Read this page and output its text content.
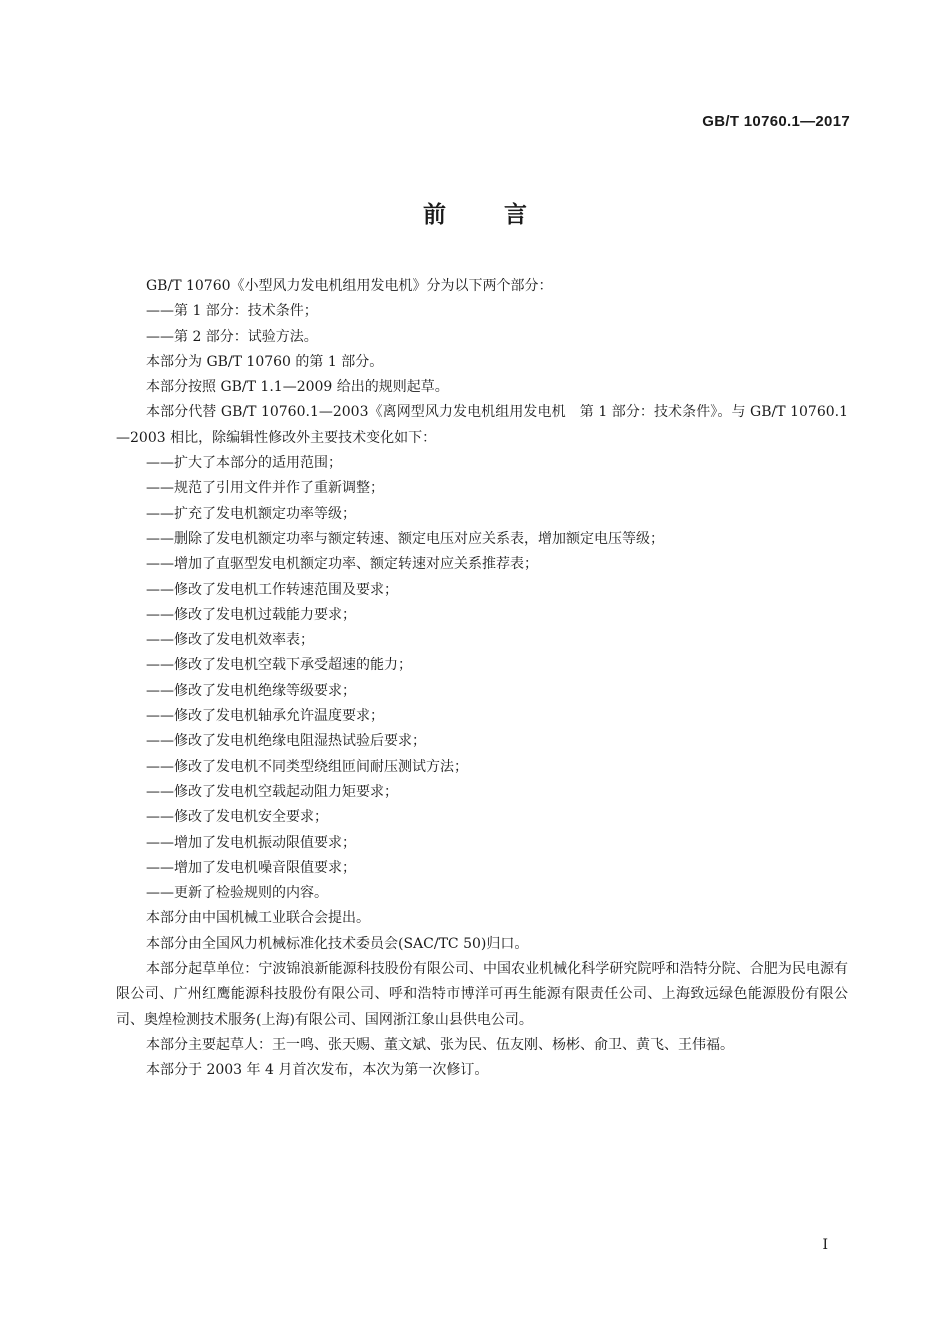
GB/T 10760.1—2017
前言

GB/T 10760《小型风力发电机组用发电机》分为以下两个部分：

——第 1 部分：技术条件；

——第 2 部分：试验方法。

本部分为 GB/T 10760 的第 1 部分。

本部分按照 GB/T 1.1—2009 给出的规则起草。

本部分代替 GB/T 10760.1—2003《离网型风力发电机组用发电机　第 1 部分：技术条件》。与 GB/T 10760.1—2003 相比，除编辑性修改外主要技术变化如下：

——扩大了本部分的适用范围；

——规范了引用文件并作了重新调整；

——扩充了发电机额定功率等级；

——删除了发电机额定功率与额定转速、额定电压对应关系表，增加额定电压等级；

——增加了直驱型发电机额定功率、额定转速对应关系推荐表；

——修改了发电机工作转速范围及要求；

——修改了发电机过载能力要求；

——修改了发电机效率表；

——修改了发电机空载下承受超速的能力；

——修改了发电机绝缘等级要求；

——修改了发电机轴承允许温度要求；

——修改了发电机绝缘电阻湿热试验后要求；

——修改了发电机不同类型绕组匝间耐压测试方法；

——修改了发电机空载起动阻力矩要求；

——修改了发电机安全要求；

——增加了发电机振动限值要求；

——增加了发电机噪音限值要求；

——更新了检验规则的内容。

本部分由中国机械工业联合会提出。

本部分由全国风力机械标准化技术委员会(SAC/TC 50)归口。

本部分起草单位：宁波锦浪新能源科技股份有限公司、中国农业机械化科学研究院呼和浩特分院、合肥为民电源有限公司、广州红鹰能源科技股份有限公司、呼和浩特市博洋可再生能源有限责任公司、上海致远绿色能源股份有限公司、奥煌检测技术服务(上海)有限公司、国网浙江象山县供电公司。

本部分主要起草人：王一鸣、张天赐、董文斌、张为民、伍友刚、杨彬、俞卫、黄飞、王伟福。

本部分于 2003 年 4 月首次发布，本次为第一次修订。

I
